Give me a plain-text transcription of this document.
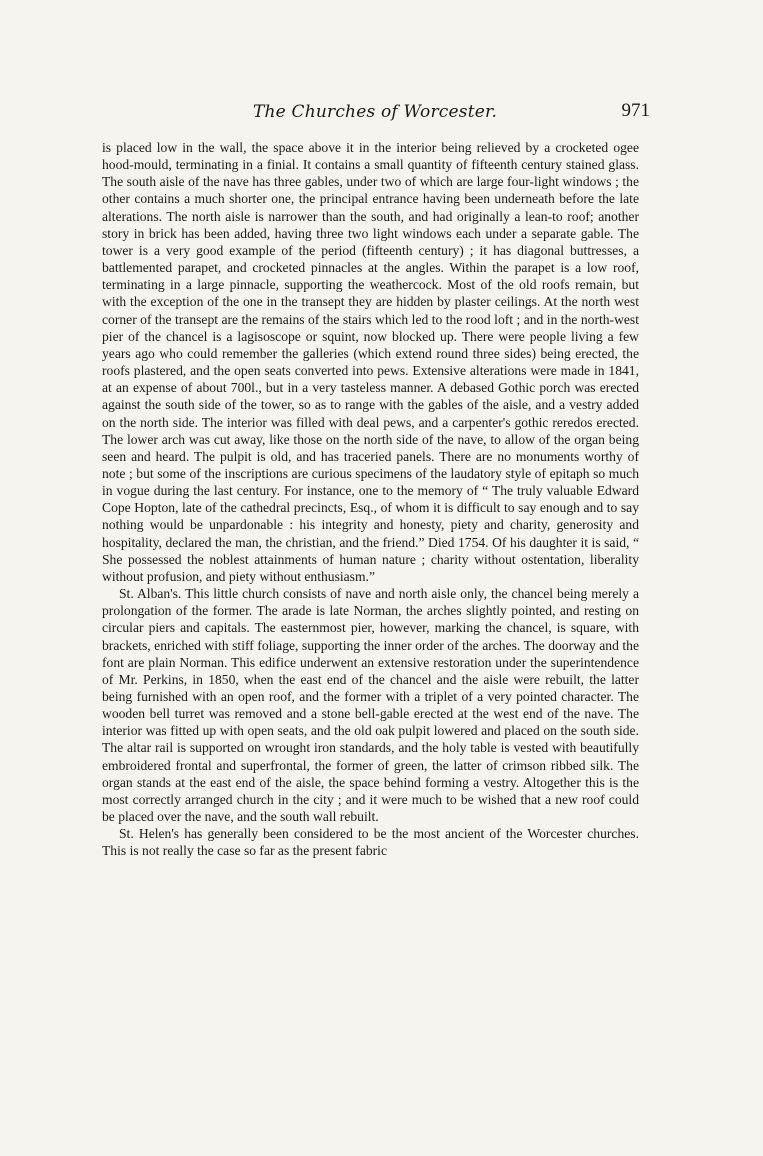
The Churches of Worcester.	971

is placed low in the wall, the space above it in the interior being relieved by a crocketed ogee hood-mould, terminating in a finial. It contains a small quantity of fifteenth century stained glass. The south aisle of the nave has three gables, under two of which are large four-light windows ; the other contains a much shorter one, the principal entrance having been underneath before the late alterations. The north aisle is narrower than the south, and had originally a lean-to roof; another story in brick has been added, having three two light windows each under a separate gable. The tower is a very good example of the period (fifteenth century) ; it has diagonal buttresses, a battlemented parapet, and crocketed pinnacles at the angles. Within the parapet is a low roof, terminating in a large pinnacle, supporting the weathercock. Most of the old roofs remain, but with the exception of the one in the transept they are hidden by plaster ceilings. At the north west corner of the transept are the remains of the stairs which led to the rood loft ; and in the north-west pier of the chancel is a lagisoscope or squint, now blocked up. There were people living a few years ago who could remember the galleries (which extend round three sides) being erected, the roofs plastered, and the open seats converted into pews. Extensive alterations were made in 1841, at an expense of about 700l., but in a very tasteless manner. A debased Gothic porch was erected against the south side of the tower, so as to range with the gables of the aisle, and a vestry added on the north side. The interior was filled with deal pews, and a carpenter's gothic reredos erected. The lower arch was cut away, like those on the north side of the nave, to allow of the organ being seen and heard. The pulpit is old, and has traceried panels. There are no monuments worthy of note ; but some of the inscriptions are curious specimens of the laudatory style of epitaph so much in vogue during the last century. For instance, one to the memory of “ The truly valuable Edward Cope Hopton, late of the cathedral precincts, Esq., of whom it is difficult to say enough and to say nothing would be unpardonable : his integrity and honesty, piety and charity, generosity and hospitality, declared the man, the christian, and the friend.” Died 1754. Of his daughter it is said, “ She possessed the noblest attainments of human nature ; charity without ostentation, liberality without profusion, and piety without enthusiasm.”

St. Alban's. This little church consists of nave and north aisle only, the chancel being merely a prolongation of the former. The arade is late Norman, the arches slightly pointed, and resting on circular piers and capitals. The easternmost pier, however, marking the chancel, is square, with brackets, enriched with stiff foliage, supporting the inner order of the arches. The doorway and the font are plain Norman. This edifice underwent an extensive restoration under the superintendence of Mr. Perkins, in 1850, when the east end of the chancel and the aisle were rebuilt, the latter being furnished with an open roof, and the former with a triplet of a very pointed character. The wooden bell turret was removed and a stone bell-gable erected at the west end of the nave. The interior was fitted up with open seats, and the old oak pulpit lowered and placed on the south side. The altar rail is supported on wrought iron standards, and the holy table is vested with beautifully embroidered frontal and superfrontal, the former of green, the latter of crimson ribbed silk. The organ stands at the east end of the aisle, the space behind forming a vestry. Altogether this is the most correctly arranged church in the city ; and it were much to be wished that a new roof could be placed over the nave, and the south wall rebuilt.

St. Helen's has generally been considered to be the most ancient of the Worcester churches. This is not really the case so far as the present fabric
